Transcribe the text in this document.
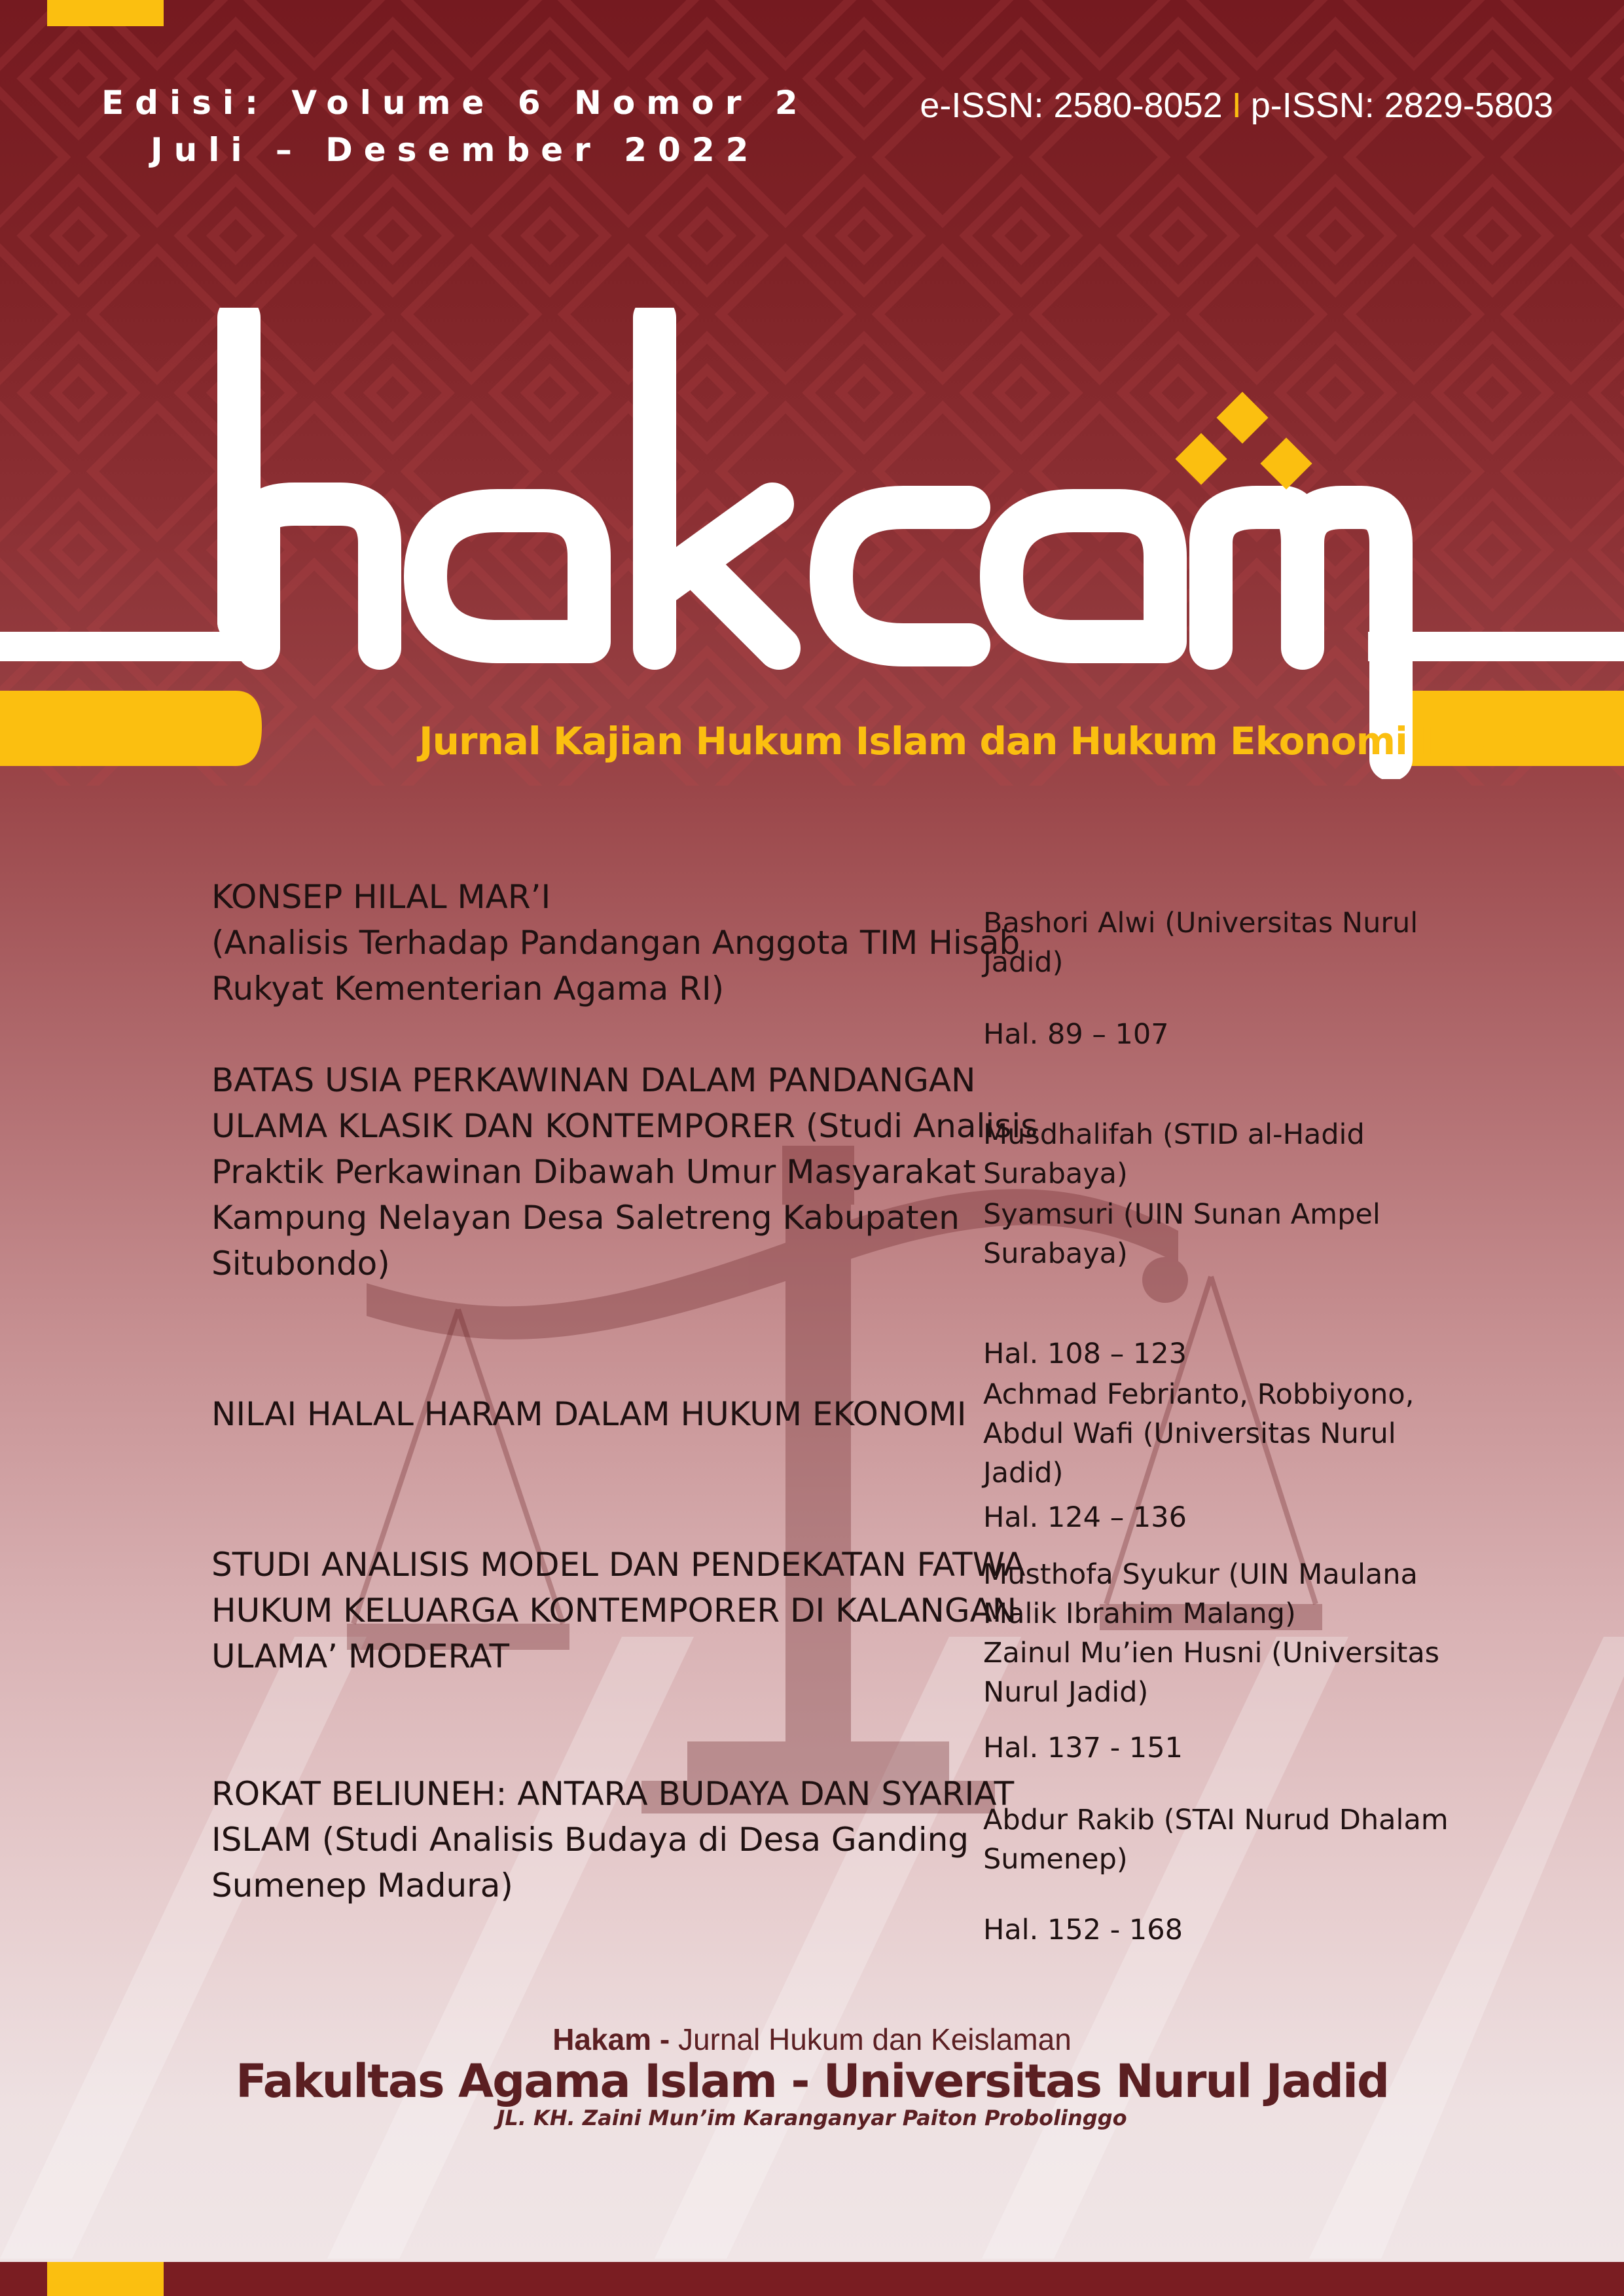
Edisi: Volume 6 Nomor 2
Juli – Desember 2022
e-ISSN: 2580-8052 I p-ISSN: 2829-5803
Jurnal Kajian Hukum Islam dan Hukum Ekonomi Islam
KONSEP HILAL MAR’I
(Analisis Terhadap Pandangan Anggota TIM Hisab Rukyat Kementerian Agama RI)
BATAS USIA PERKAWINAN DALAM PANDANGAN ULAMA KLASIK DAN KONTEMPORER (Studi Analisis Praktik Perkawinan Dibawah Umur Masyarakat Kampung Nelayan Desa Saletreng Kabupaten Situbondo)
NILAI HALAL HARAM DALAM HUKUM EKONOMI
STUDI ANALISIS MODEL DAN PENDEKATAN FATWA HUKUM KELUARGA KONTEMPORER DI KALANGAN ULAMA’ MODERAT
ROKAT BELIUNEH: ANTARA BUDAYA DAN SYARIAT ISLAM (Studi Analisis Budaya di Desa Ganding Sumenep Madura)
Bashori Alwi (Universitas Nurul Jadid)
Hal. 89 – 107
Musdhalifah (STID al-Hadid Surabaya)
Syamsuri (UIN Sunan Ampel Surabaya)
Hal. 108 – 123
Achmad Febrianto, Robbiyono, Abdul Wafi (Universitas Nurul Jadid)
Hal. 124 – 136
Musthofa Syukur (UIN Maulana Malik Ibrahim Malang)
Zainul Mu’ien Husni (Universitas Nurul Jadid)
Hal. 137 - 151
Abdur Rakib (STAI Nurud Dhalam Sumenep)
Hal. 152 - 168
Hakam - Jurnal Hukum dan Keislaman
Fakultas Agama Islam - Universitas Nurul Jadid
JL. KH. Zaini Mun’im Karanganyar Paiton Probolinggo
